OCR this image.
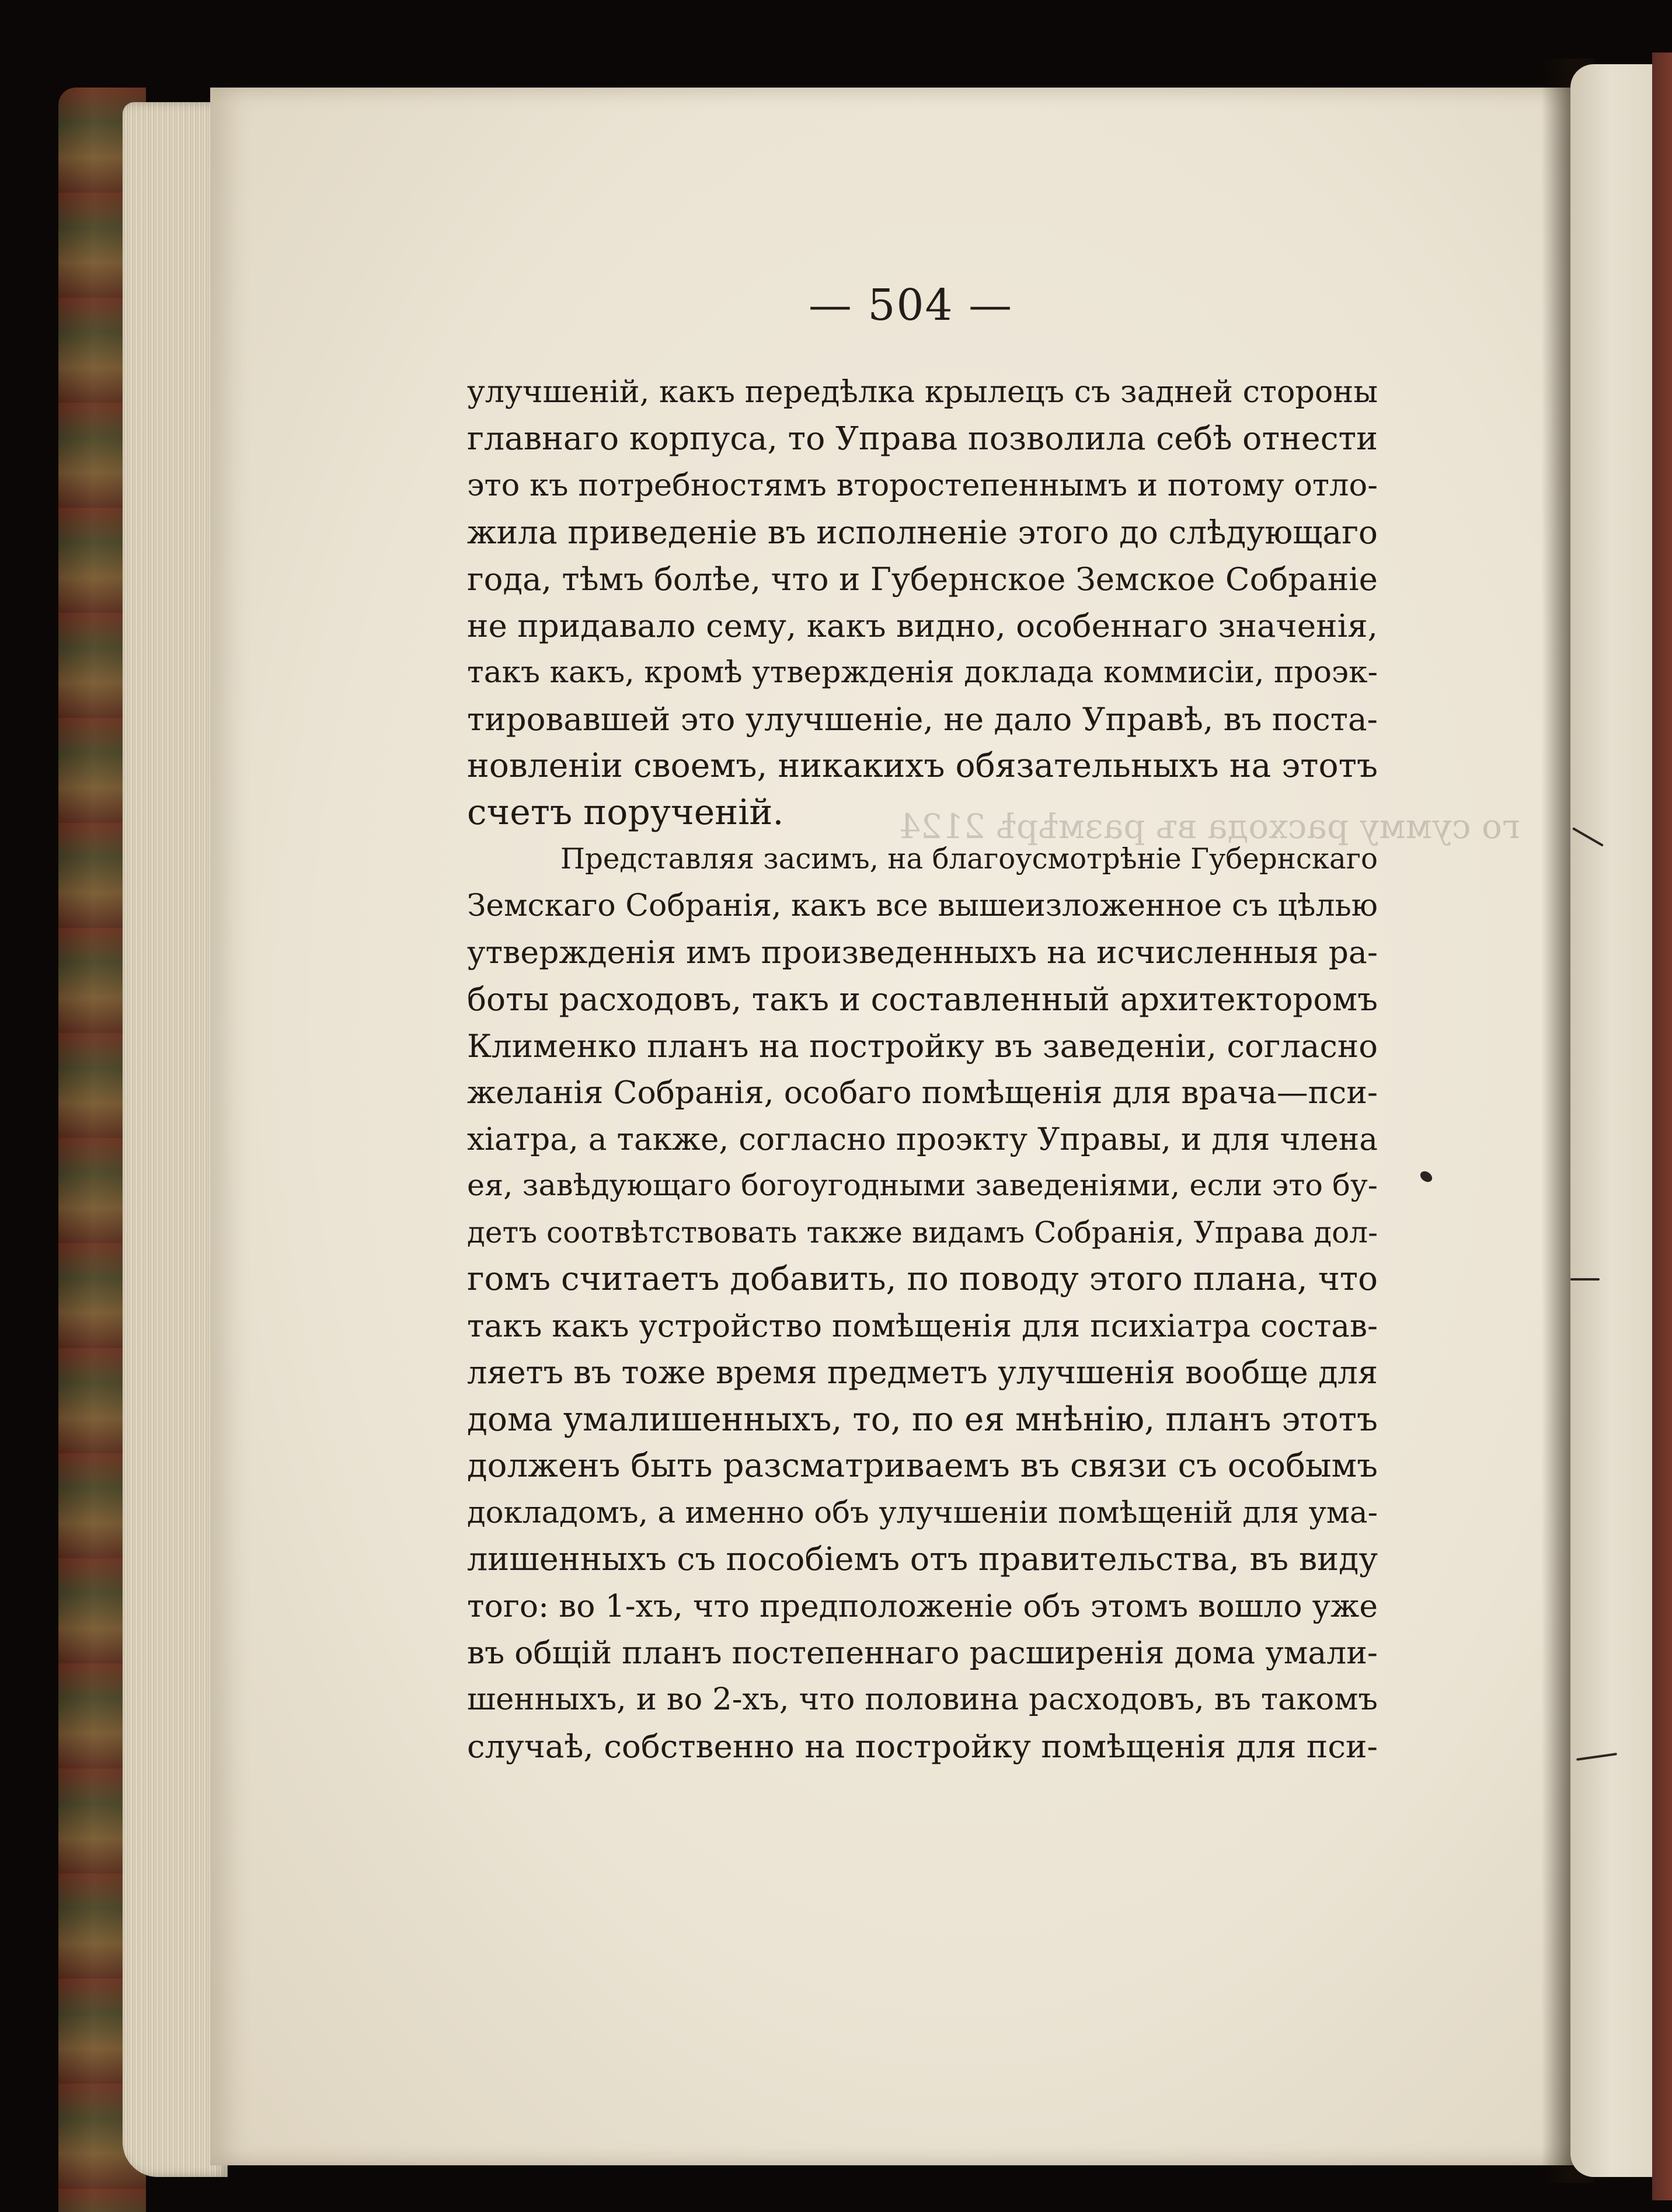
го сумму расхода въ размѣрѣ 2124
— 504 —
улучшеній, какъ передѣлка крылецъ съ задней стороны
главнаго корпуса, то Управа позволила себѣ отнести
это къ потребностямъ второстепеннымъ и потому отло-
жила приведеніе въ исполненіе этого до слѣдующаго
года, тѣмъ болѣе, что и Губернское Земское Собраніе
не придавало сему, какъ видно, особеннаго значенія,
такъ какъ, кромѣ утвержденія доклада коммисіи, проэк-
тировавшей это улучшеніе, не дало Управѣ, въ поста-
новленіи своемъ, никакихъ обязательныхъ на этотъ
счетъ порученій.
Представляя засимъ, на благоусмотрѣніе Губернскаго
Земскаго Собранія, какъ все вышеизложенное съ цѣлью
утвержденія имъ произведенныхъ на исчисленныя ра-
боты расходовъ, такъ и составленный архитекторомъ
Клименко планъ на постройку въ заведеніи, согласно
желанія Собранія, особаго помѣщенія для врача—пси-
хіатра, а также, согласно проэкту Управы, и для члена
ея, завѣдующаго богоугодными заведеніями, если это бу-
детъ соотвѣтствовать также видамъ Собранія, Управа дол-
гомъ считаетъ добавить, по поводу этого плана, что
такъ какъ устройство помѣщенія для психіатра состав-
ляетъ въ тоже время предметъ улучшенія вообще для
дома умалишенныхъ, то, по ея мнѣнію, планъ этотъ
долженъ быть разсматриваемъ въ связи съ особымъ
докладомъ, а именно объ улучшеніи помѣщеній для ума-
лишенныхъ съ пособіемъ отъ правительства, въ виду
того: во 1-хъ, что предположеніе объ этомъ вошло уже
въ общій планъ постепеннаго расширенія дома умали-
шенныхъ, и во 2-хъ, что половина расходовъ, въ такомъ
случаѣ, собственно на постройку помѣщенія для пси-
